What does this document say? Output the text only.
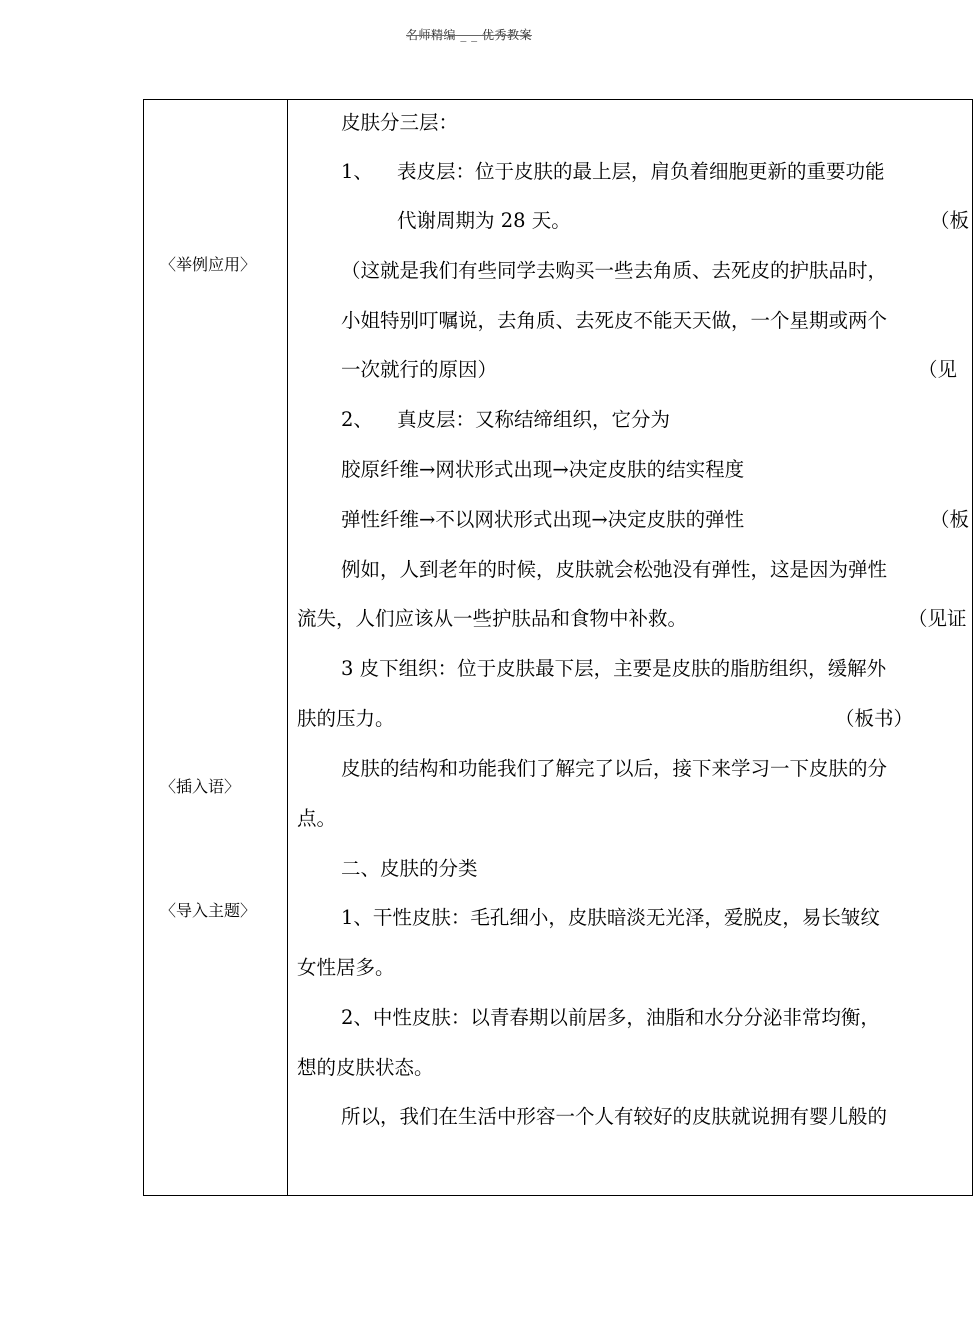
名师精编 _ _ 优秀教案
〈举例应用〉
〈插入语〉
〈导入主题〉
皮肤分三层：
1、 表皮层：位于皮肤的最上层，肩负着细胞更新的重要功能
代谢周期为 28 天。	（板
（这就是我们有些同学去购买一些去角质、去死皮的护肤品时，
小姐特别叮嘱说，去角质、去死皮不能天天做，一个星期或两个
一次就行的原因）	（见
2、 真皮层：又称结缔组织，它分为
胶原纤维→网状形式出现→决定皮肤的结实程度
弹性纤维→不以网状形式出现→决定皮肤的弹性	（板
例如，人到老年的时候，皮肤就会松弛没有弹性，这是因为弹性
流失，人们应该从一些护肤品和食物中补救。	（见证
3 皮下组织：位于皮肤最下层，主要是皮肤的脂肪组织，缓解外
肤的压力。	（板书）
皮肤的结构和功能我们了解完了以后，接下来学习一下皮肤的分
点。
二、皮肤的分类
1、干性皮肤：毛孔细小，皮肤暗淡无光泽，爱脱皮，易长皱纹
女性居多。
2、中性皮肤：以青春期以前居多，油脂和水分分泌非常均衡，
想的皮肤状态。
所以，我们在生活中形容一个人有较好的皮肤就说拥有婴儿般的
